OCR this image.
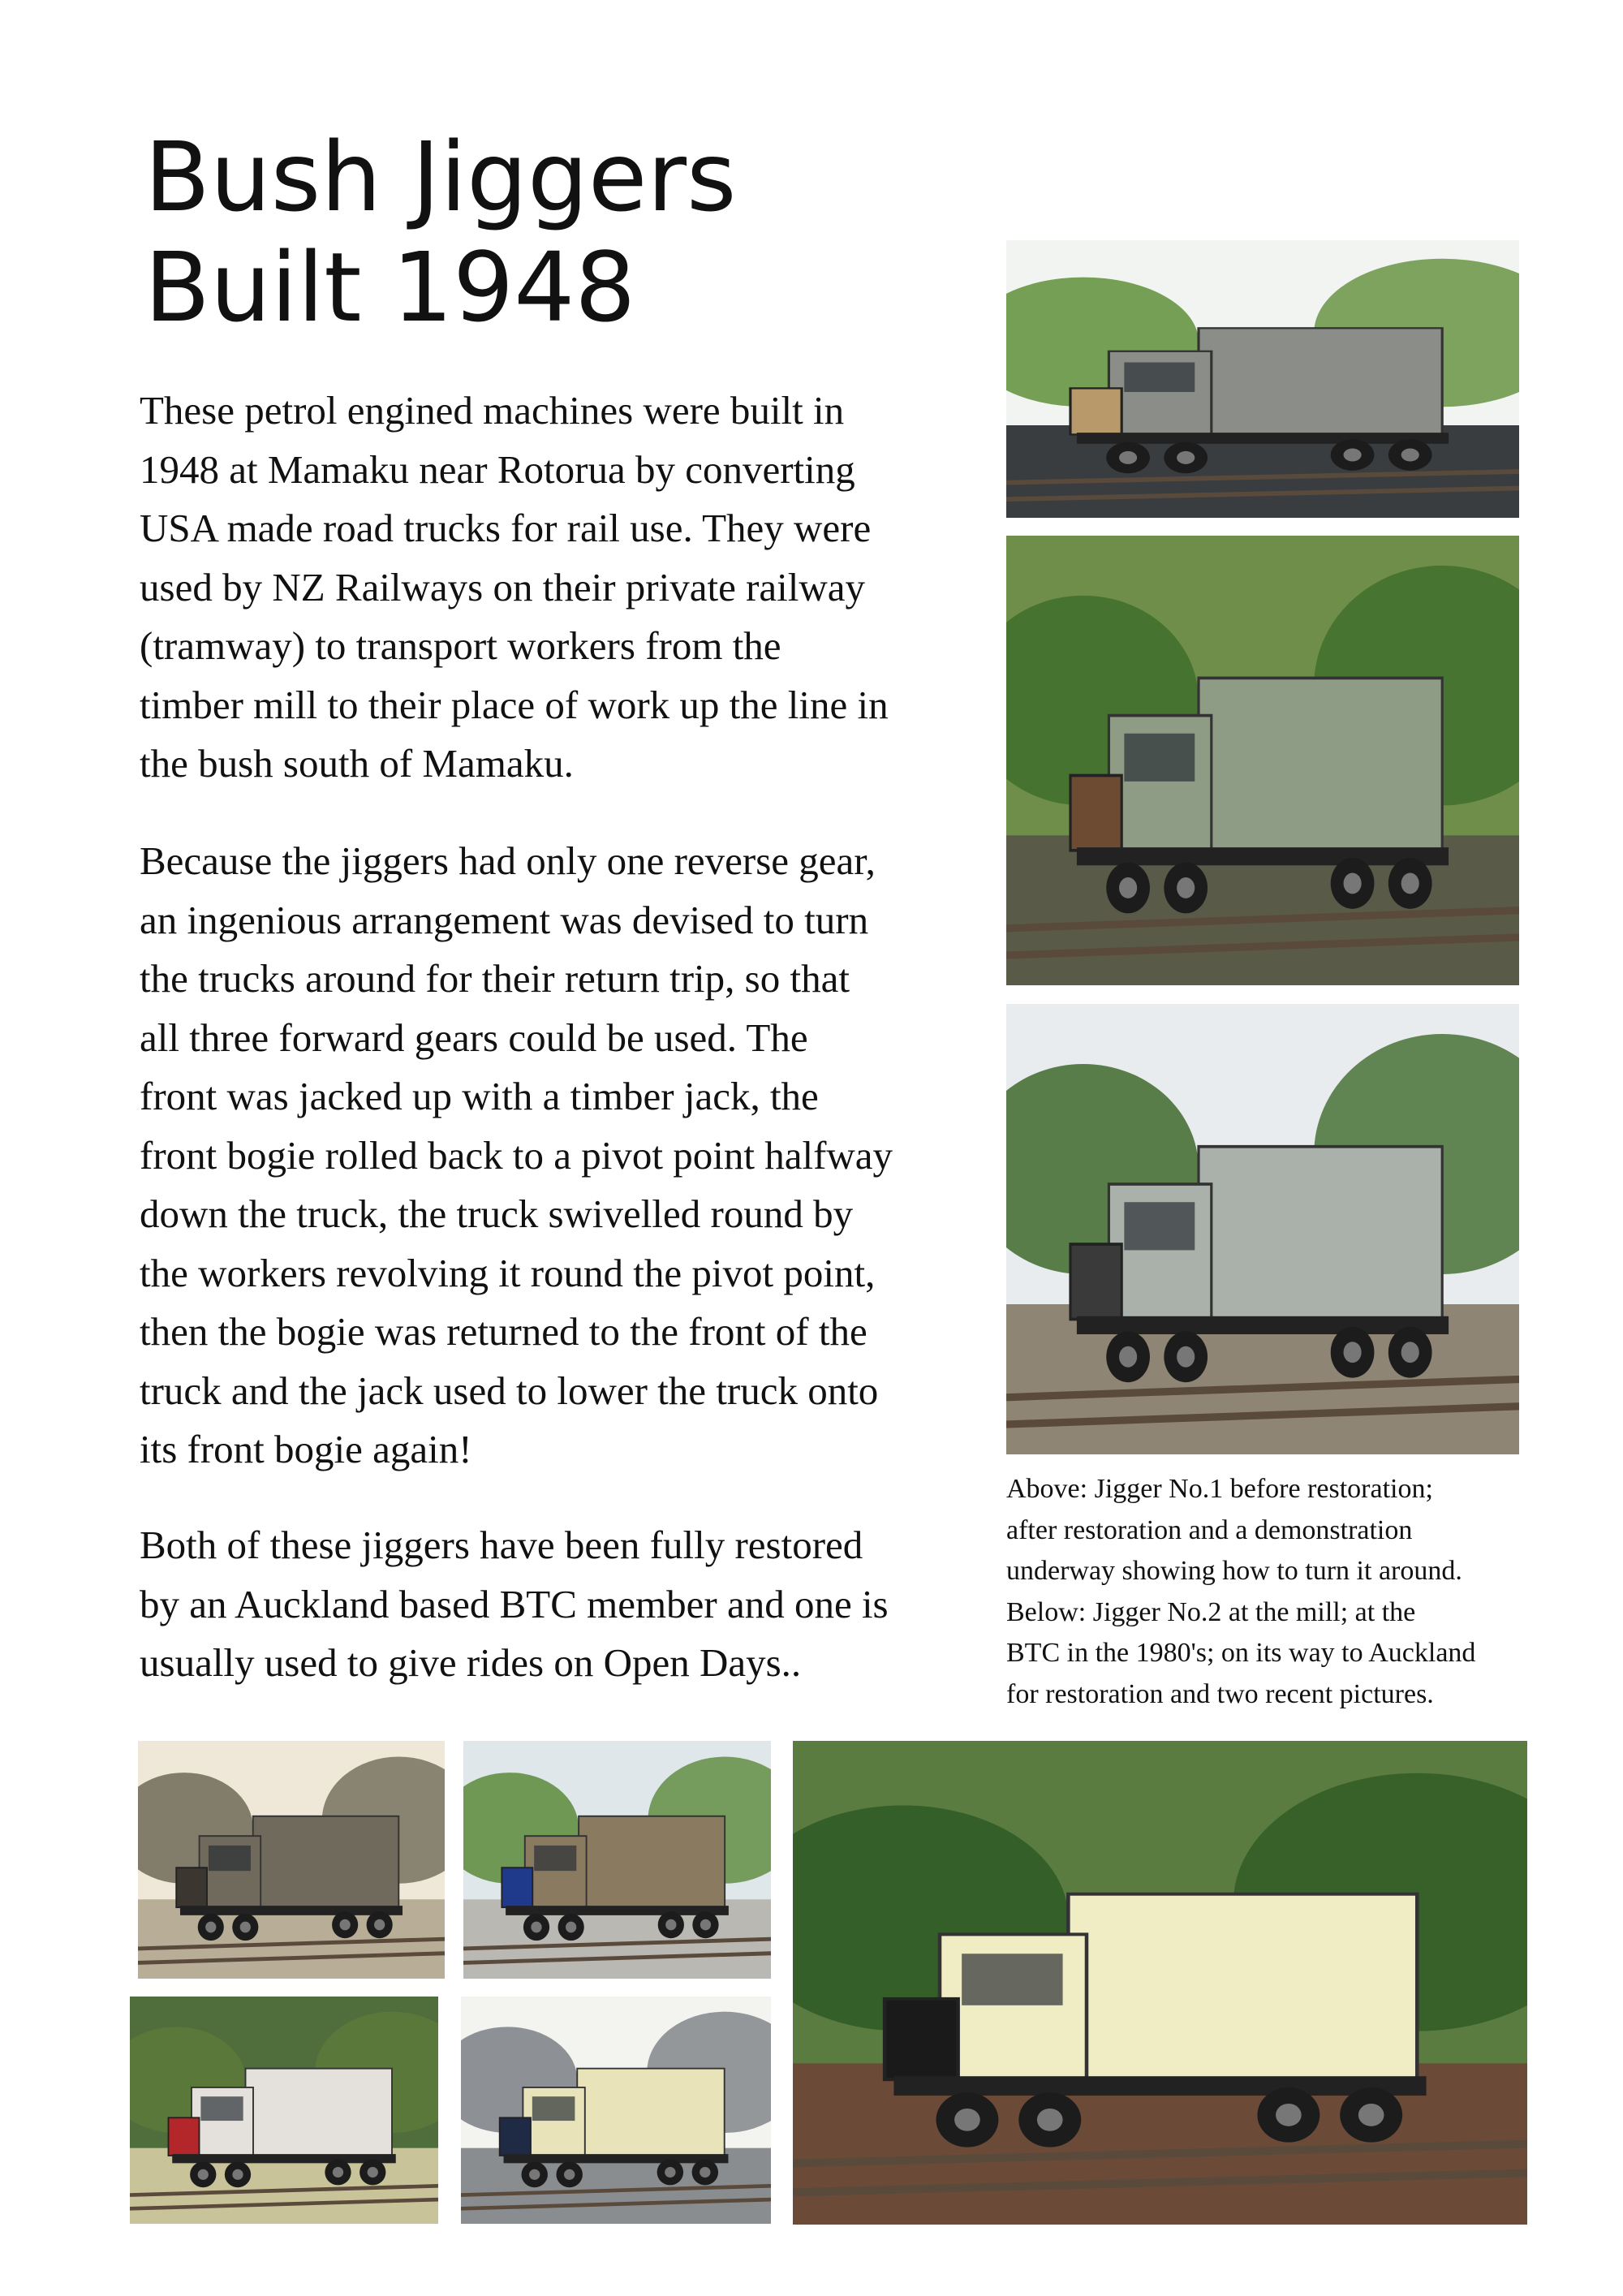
Bush Jiggers
Built 1948

These petrol engined machines were built in 1948 at Mamaku near Rotorua by converting USA made road trucks for rail use. They were used by NZ Railways on their private railway (tramway) to transport workers from the timber mill to their place of work up the line in the bush south of Mamaku.

Because the jiggers had only one reverse gear, an ingenious arrangement was devised to turn the trucks around for their return trip, so that all three forward gears could be used. The front was jacked up with a timber jack, the front bogie rolled back to a pivot point halfway down the truck, the truck swivelled round by the workers revolving it round the pivot point, then the bogie was returned to the front of the truck and the jack used to lower the truck onto its front bogie again!

Both of these jiggers have been fully restored by an Auckland based BTC member and one is usually used to give rides on Open Days..

Above: Jigger No.1 before restoration;
after restoration and a demonstration
underway showing how to turn it around.
Below: Jigger No.2 at the mill; at the
BTC in the 1980's; on its way to Auckland
for restoration and two recent pictures.
